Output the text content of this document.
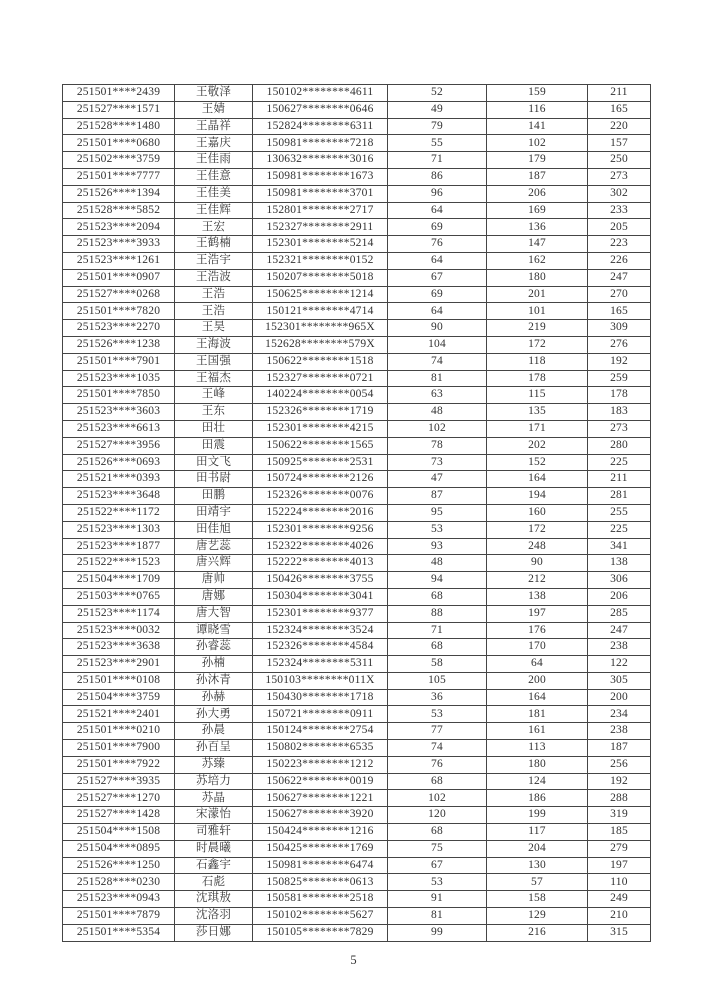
251501****2439	王敬泽	150102********4611	52	159	211
251527****1571	王婧	150627********0646	49	116	165
251528****1480	王晶祥	152824********6311	79	141	220
251501****0680	王嘉庆	150981********7218	55	102	157
251502****3759	王佳雨	130632********3016	71	179	250
251501****7777	王佳意	150981********1673	86	187	273
251526****1394	王佳美	150981********3701	96	206	302
251528****5852	王佳辉	152801********2717	64	169	233
251523****2094	王宏	152327********2911	69	136	205
251523****3933	王鹤楠	152301********5214	76	147	223
251523****1261	王浩宇	152321********0152	64	162	226
251501****0907	王浩波	150207********5018	67	180	247
251527****0268	王浩	150625********1214	69	201	270
251501****7820	王浩	150121********4714	64	101	165
251523****2270	王昊	152301********965X	90	219	309
251526****1238	王海波	152628********579X	104	172	276
251501****7901	王国强	150622********1518	74	118	192
251523****1035	王福杰	152327********0721	81	178	259
251501****7850	王峰	140224********0054	63	115	178
251523****3603	王东	152326********1719	48	135	183
251523****6613	田壮	152301********4215	102	171	273
251527****3956	田震	150622********1565	78	202	280
251526****0693	田文飞	150925********2531	73	152	225
251521****0393	田书尉	150724********2126	47	164	211
251523****3648	田鹏	152326********0076	87	194	281
251522****1172	田靖宇	152224********2016	95	160	255
251523****1303	田佳旭	152301********9256	53	172	225
251523****1877	唐艺蕊	152322********4026	93	248	341
251522****1523	唐兴辉	152222********4013	48	90	138
251504****1709	唐帅	150426********3755	94	212	306
251503****0765	唐娜	150304********3041	68	138	206
251523****1174	唐大智	152301********9377	88	197	285
251523****0032	谭晓雪	152324********3524	71	176	247
251523****3638	孙睿蕊	152326********4584	68	170	238
251523****2901	孙楠	152324********5311	58	64	122
251501****0108	孙沐青	150103********011X	105	200	305
251504****3759	孙赫	150430********1718	36	164	200
251521****2401	孙大勇	150721********0911	53	181	234
251501****0210	孙晨	150124********2754	77	161	238
251501****7900	孙百呈	150802********6535	74	113	187
251501****7922	苏臻	150223********1212	76	180	256
251527****3935	苏培力	150622********0019	68	124	192
251527****1270	苏晶	150627********1221	102	186	288
251527****1428	宋濛怡	150627********3920	120	199	319
251504****1508	司雅轩	150424********1216	68	117	185
251504****0895	时晨曦	150425********1769	75	204	279
251526****1250	石鑫宇	150981********6474	67	130	197
251528****0230	石彪	150825********0613	53	57	110
251523****0943	沈琪敖	150581********2518	91	158	249
251501****7879	沈洛羽	150102********5627	81	129	210
251501****5354	莎日娜	150105********7829	99	216	315
5
